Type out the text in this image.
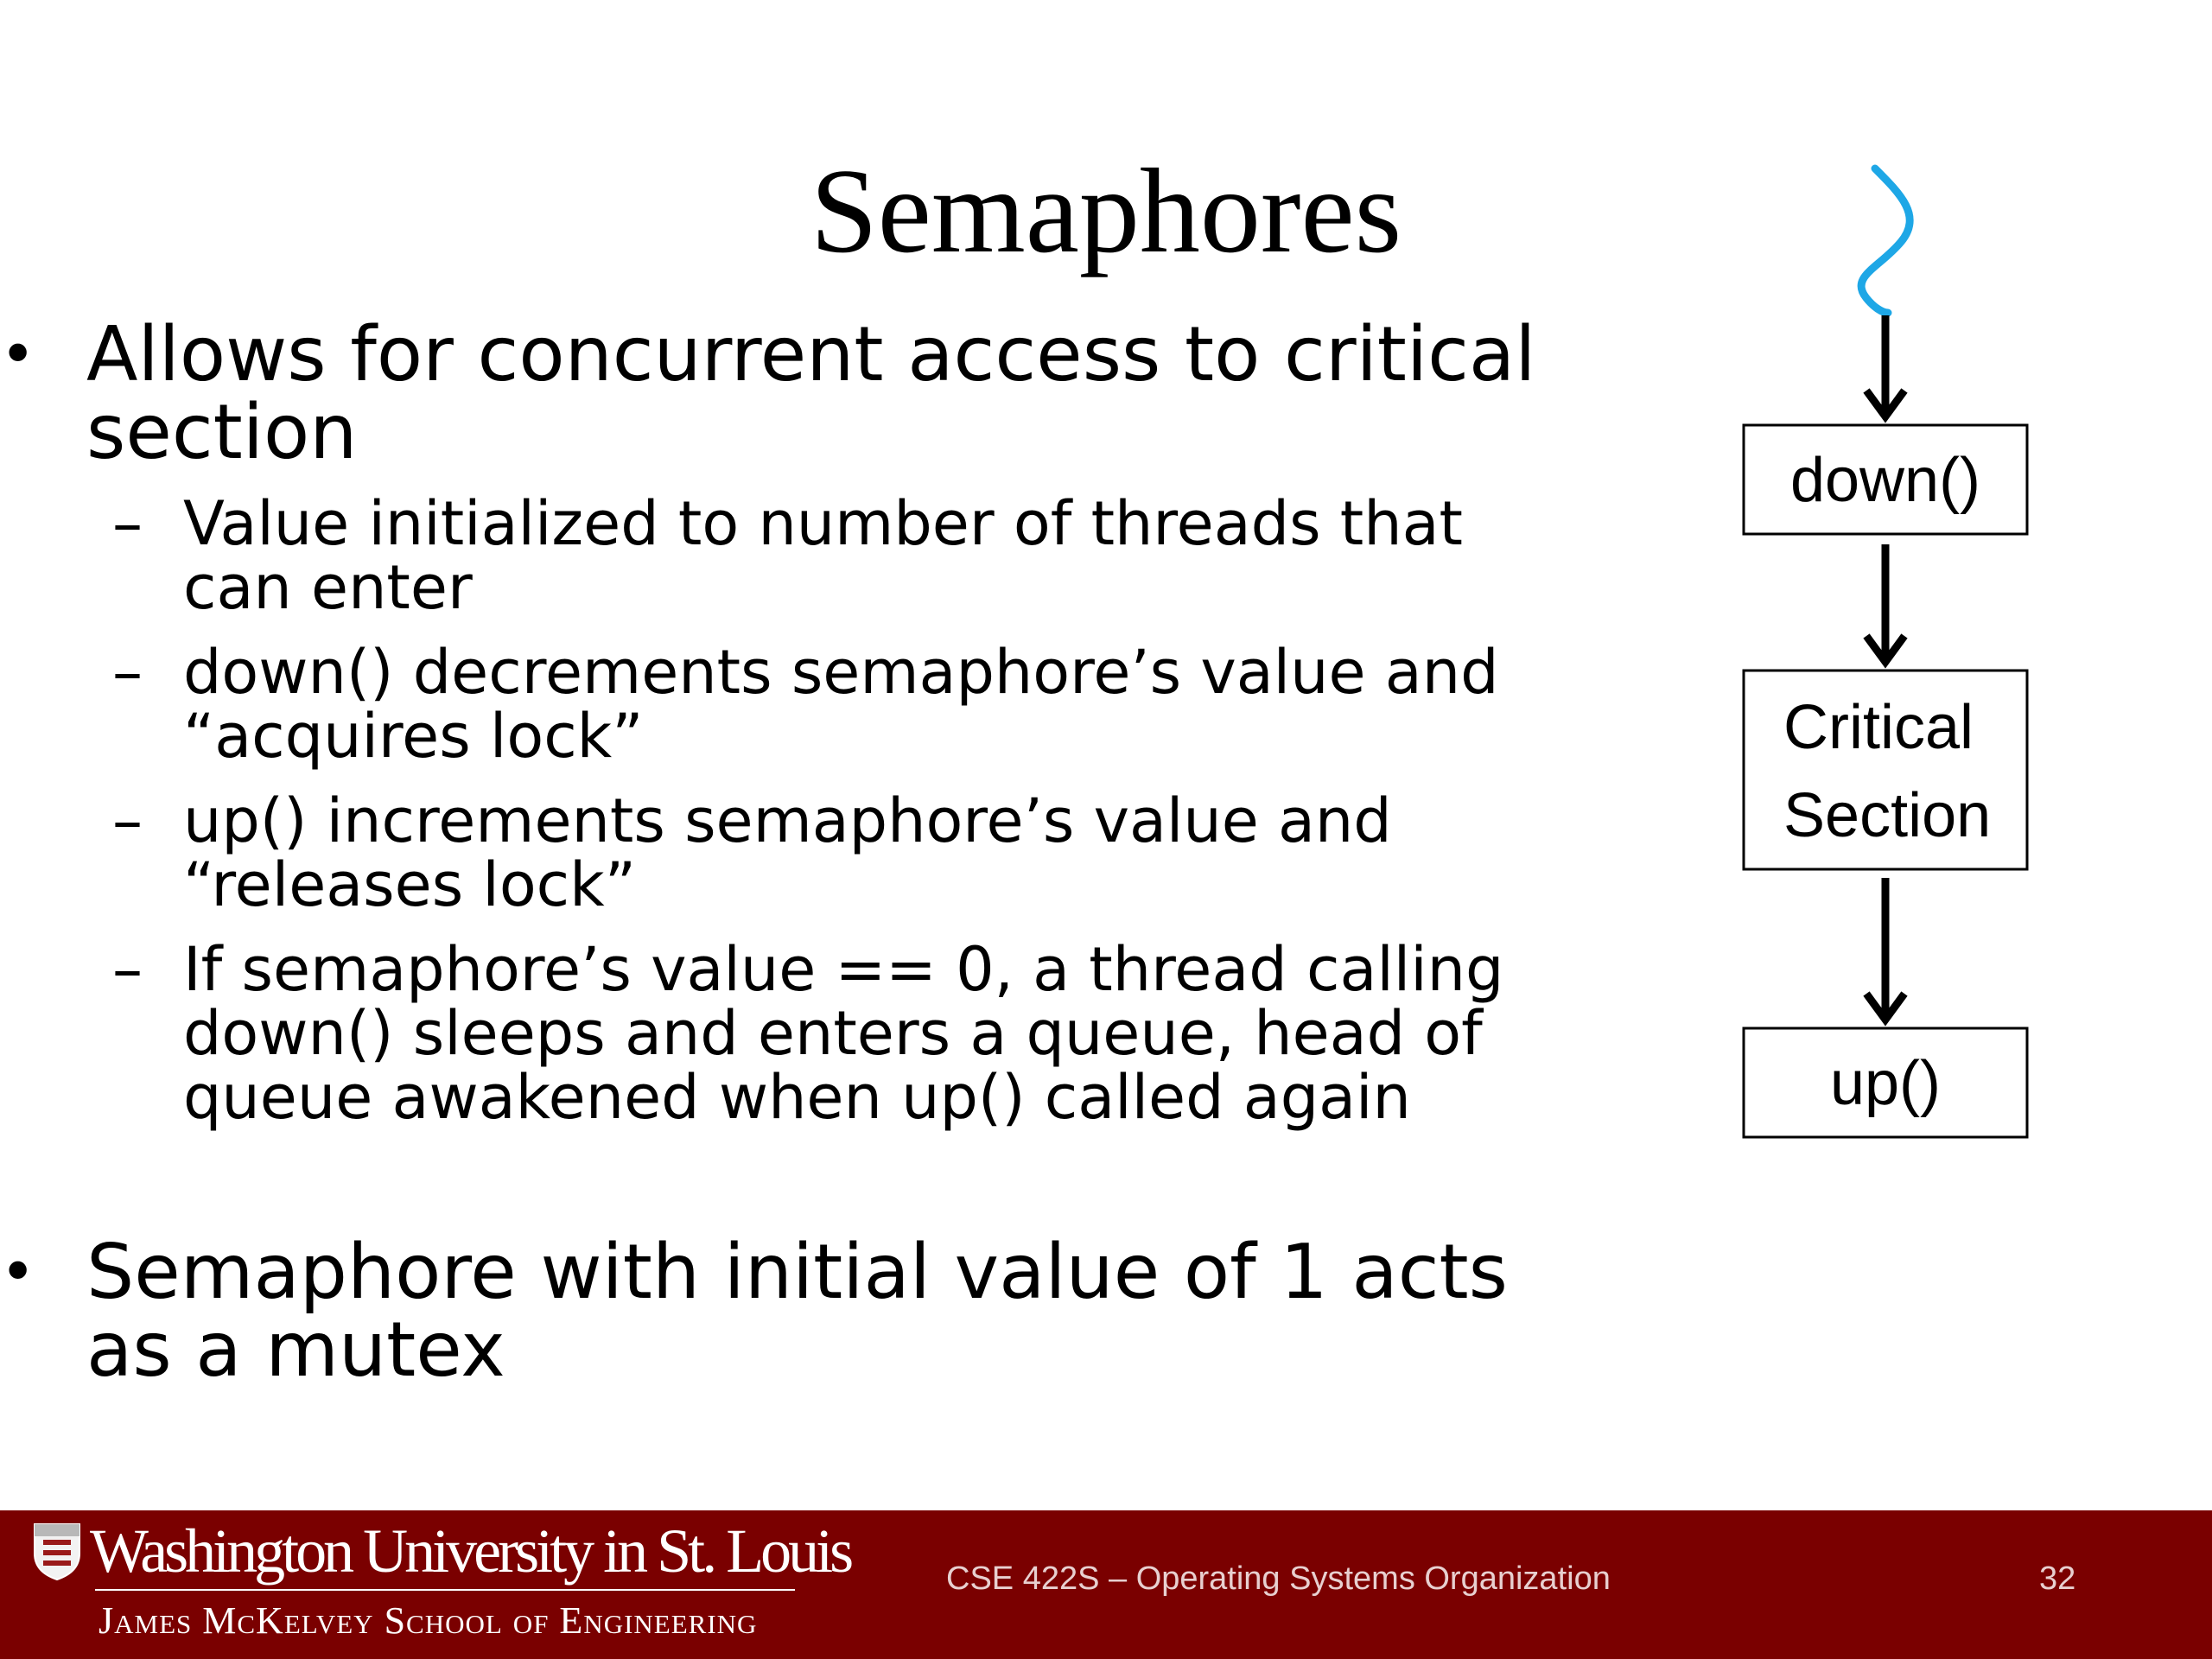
Semaphores
• Allows for concurrent access to critical section
– Value initialized to number of threads that can enter
– down() decrements semaphore’s value and “acquires lock”
– up() increments semaphore’s value and “releases lock”
– If semaphore’s value == 0, a thread calling down() sleeps and enters a queue, head of queue awakened when up() called again
• Semaphore with initial value of 1 acts as a mutex
down()
Critical
Section
up()
Washington University in St. Louis
James McKelvey School of Engineering
CSE 422S – Operating Systems Organization	32
